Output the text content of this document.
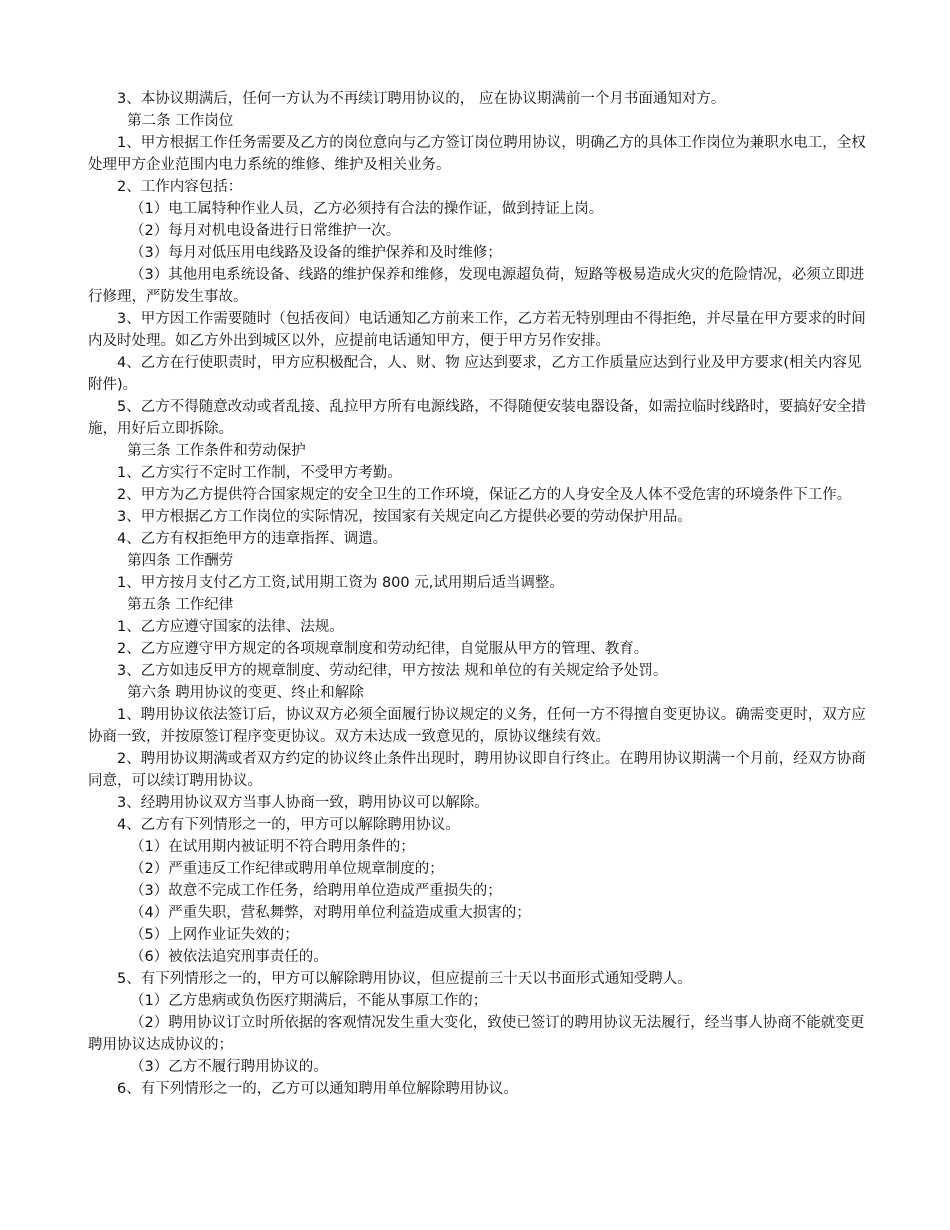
3、本协议期满后，任何一方认为不再续订聘用协议的， 应在协议期满前一个月书面通知对方。

第二条 工作岗位

1、甲方根据工作任务需要及乙方的岗位意向与乙方签订岗位聘用协议，明确乙方的具体工作岗位为兼职水电工，全权处理甲方企业范围内电力系统的维修、维护及相关业务。

2、工作内容包括：

（1）电工属特种作业人员，乙方必须持有合法的操作证，做到持证上岗。

（2）每月对机电设备进行日常维护一次。

（3）每月对低压用电线路及设备的维护保养和及时维修；

（3）其他用电系统设备、线路的维护保养和维修，发现电源超负荷，短路等极易造成火灾的危险情况，必须立即进行修理，严防发生事故。

3、甲方因工作需要随时（包括夜间）电话通知乙方前来工作，乙方若无特别理由不得拒绝，并尽量在甲方要求的时间内及时处理。如乙方外出到城区以外，应提前电话通知甲方，便于甲方另作安排。

4、乙方在行使职责时，甲方应积极配合，人、财、物 应达到要求，乙方工作质量应达到行业及甲方要求(相关内容见附件)。

5、乙方不得随意改动或者乱接、乱拉甲方所有电源线路，不得随便安装电器设备，如需拉临时线路时，要搞好安全措施，用好后立即拆除。

第三条 工作条件和劳动保护

1、乙方实行不定时工作制，不受甲方考勤。

2、甲方为乙方提供符合国家规定的安全卫生的工作环境，保证乙方的人身安全及人体不受危害的环境条件下工作。

3、甲方根据乙方工作岗位的实际情况，按国家有关规定向乙方提供必要的劳动保护用品。

4、乙方有权拒绝甲方的违章指挥、调遣。

第四条 工作酬劳

1、甲方按月支付乙方工资,试用期工资为 800 元,试用期后适当调整。

第五条 工作纪律

1、乙方应遵守国家的法律、法规。

2、乙方应遵守甲方规定的各项规章制度和劳动纪律，自觉服从甲方的管理、教育。

3、乙方如违反甲方的规章制度、劳动纪律，甲方按法 规和单位的有关规定给予处罚。

第六条 聘用协议的变更、终止和解除

1、聘用协议依法签订后，协议双方必须全面履行协议规定的义务，任何一方不得擅自变更协议。确需变更时，双方应协商一致，并按原签订程序变更协议。双方未达成一致意见的，原协议继续有效。

2、聘用协议期满或者双方约定的协议终止条件出现时，聘用协议即自行终止。在聘用协议期满一个月前，经双方协商同意，可以续订聘用协议。

3、经聘用协议双方当事人协商一致，聘用协议可以解除。

4、乙方有下列情形之一的，甲方可以解除聘用协议。

（1）在试用期内被证明不符合聘用条件的；

（2）严重违反工作纪律或聘用单位规章制度的；

（3）故意不完成工作任务，给聘用单位造成严重损失的；

（4）严重失职，营私舞弊，对聘用单位利益造成重大损害的；

（5）上网作业证失效的；

（6）被依法追究刑事责任的。

5、有下列情形之一的，甲方可以解除聘用协议，但应提前三十天以书面形式通知受聘人。

（1）乙方患病或负伤医疗期满后，不能从事原工作的；

（2）聘用协议订立时所依据的客观情况发生重大变化，致使已签订的聘用协议无法履行，经当事人协商不能就变更 聘用协议达成协议的；

（3）乙方不履行聘用协议的。

6、有下列情形之一的，乙方可以通知聘用单位解除聘用协议。
